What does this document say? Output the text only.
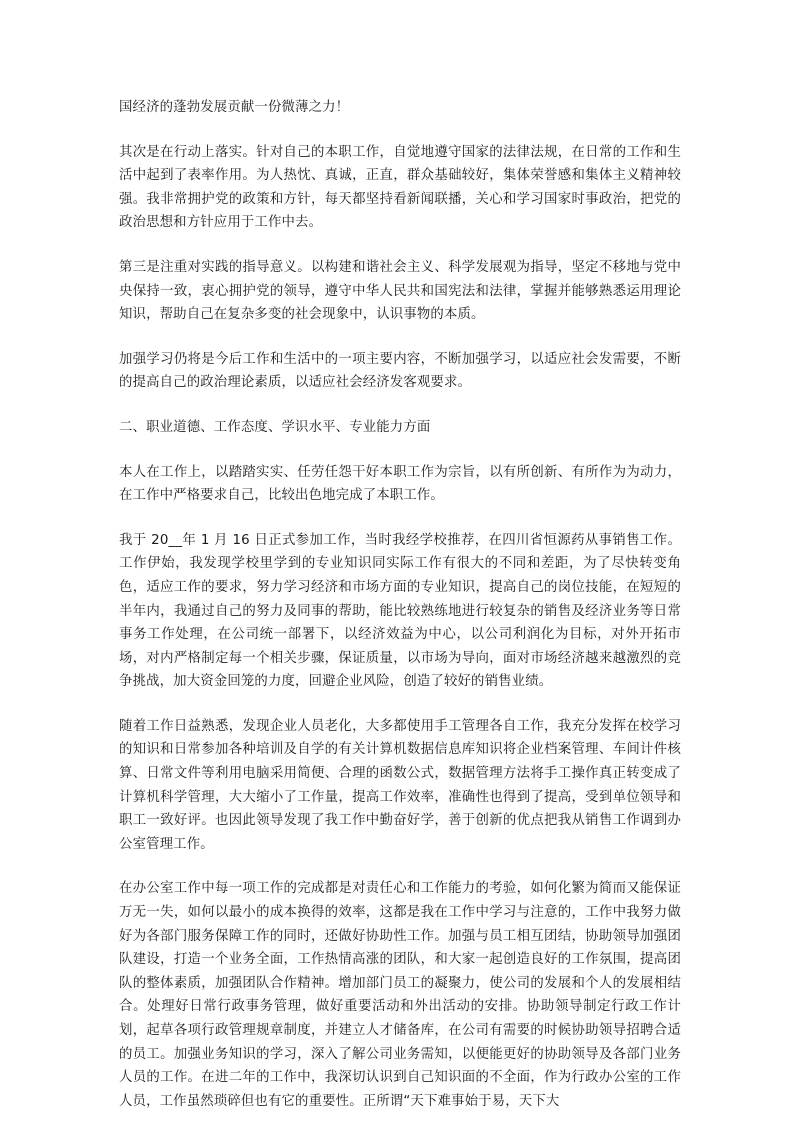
国经济的蓬勃发展贡献一份微薄之力！

其次是在行动上落实。针对自己的本职工作，自觉地遵守国家的法律法规，在日常的工作和生活中起到了表率作用。为人热忱、真诚，正直，群众基础较好，集体荣誉感和集体主义精神较强。我非常拥护党的政策和方针，每天都坚持看新闻联播，关心和学习国家时事政治，把党的政治思想和方针应用于工作中去。

第三是注重对实践的指导意义。以构建和谐社会主义、科学发展观为指导，坚定不移地与党中央保持一致，衷心拥护党的领导，遵守中华人民共和国宪法和法律，掌握并能够熟悉运用理论知识，帮助自己在复杂多变的社会现象中，认识事物的本质。

加强学习仍将是今后工作和生活中的一项主要内容，不断加强学习，以适应社会发需要，不断的提高自己的政治理论素质，以适应社会经济发客观要求。

二、职业道德、工作态度、学识水平、专业能力方面

本人在工作上，以踏踏实实、任劳任怨干好本职工作为宗旨，以有所创新、有所作为为动力，在工作中严格要求自己，比较出色地完成了本职工作。

我于 20__年 1 月 16 日正式参加工作，当时我经学校推荐，在四川省恒源药从事销售工作。工作伊始，我发现学校里学到的专业知识同实际工作有很大的不同和差距，为了尽快转变角色，适应工作的要求，努力学习经济和市场方面的专业知识，提高自己的岗位技能，在短短的半年内，我通过自己的努力及同事的帮助，能比较熟练地进行较复杂的销售及经济业务等日常事务工作处理，在公司统一部署下，以经济效益为中心，以公司利润化为目标，对外开拓市场，对内严格制定每一个相关步骤，保证质量，以市场为导向，面对市场经济越来越激烈的竞争挑战，加大资金回笼的力度，回避企业风险，创造了较好的销售业绩。

随着工作日益熟悉，发现企业人员老化，大多都使用手工管理各自工作，我充分发挥在校学习的知识和日常参加各种培训及自学的有关计算机数据信息库知识将企业档案管理、车间计件核算、日常文件等利用电脑采用简便、合理的函数公式，数据管理方法将手工操作真正转变成了计算机科学管理，大大缩小了工作量，提高工作效率，准确性也得到了提高，受到单位领导和职工一致好评。也因此领导发现了我工作中勤奋好学，善于创新的优点把我从销售工作调到办公室管理工作。

在办公室工作中每一项工作的完成都是对责任心和工作能力的考验，如何化繁为简而又能保证万无一失，如何以最小的成本换得的效率，这都是我在工作中学习与注意的，工作中我努力做好为各部门服务保障工作的同时，还做好协助性工作。加强与员工相互团结，协助领导加强团队建设，打造一个业务全面，工作热情高涨的团队，和大家一起创造良好的工作氛围，提高团队的整体素质，加强团队合作精神。增加部门员工的凝聚力，使公司的发展和个人的发展相结合。处理好日常行政事务管理，做好重要活动和外出活动的安排。协助领导制定行政工作计划，起草各项行政管理规章制度，并建立人才储备库，在公司有需要的时候协助领导招聘合适的员工。加强业务知识的学习，深入了解公司业务需知，以便能更好的协助领导及各部门业务人员的工作。在进二年的工作中，我深切认识到自己知识面的不全面，作为行政办公室的工作人员，工作虽然琐碎但也有它的重要性。正所谓“天下难事始于易，天下大
